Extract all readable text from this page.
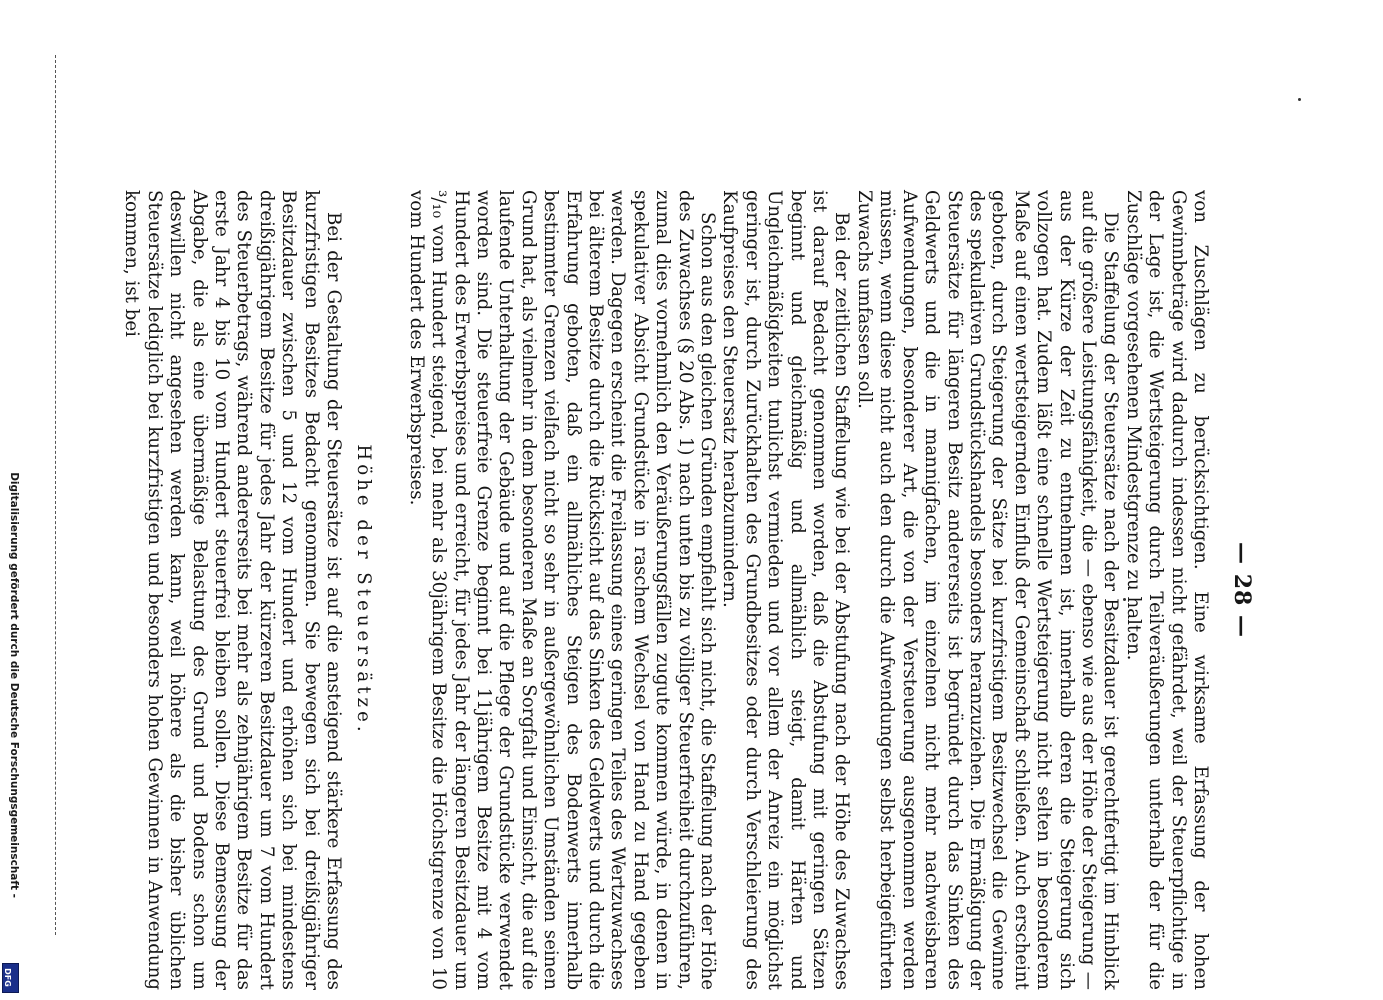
Digitalisierung gefördert durch die Deutsche Forschungsgemeinschaft -
DFG
— 28 —

von Zuschlägen zu berücksichtigen. Eine wirksame Erfassung der hohen Gewinnbeträge wird dadurch indessen nicht gefährdet, weil der Steuerpflichtige in der Lage ist, die Wertsteigerung durch Teilveräußerungen unterhalb der für die Zuschläge vorgesehenen Mindestgrenze zu halten.

Die Staffelung der Steuersätze nach der Besitzdauer ist gerechtfertigt im Hinblick auf die größere Leistungsfähigkeit, die — ebenso wie aus der Höhe der Steigerung — aus der Kürze der Zeit zu entnehmen ist, innerhalb deren die Steigerung sich vollzogen hat. Zudem läßt eine schnelle Wertsteigerung nicht selten in besonderem Maße auf einen wertsteigernden Einfluß der Gemeinschaft schließen. Auch erscheint geboten, durch Steigerung der Sätze bei kurzfristigem Besitzwechsel die Gewinne des spekulativen Grundstückshandels besonders heranzuziehen. Die Ermäßigung der Steuersätze für längeren Besitz andererseits ist begründet durch das Sinken des Geldwerts und die in mannigfachen, im einzelnen nicht mehr nachweisbaren Aufwendungen, besonderer Art, die von der Versteuerung ausgenommen werden müssen, wenn diese nicht auch den durch die Aufwendungen selbst herbeigeführten Zuwachs umfassen soll.

Bei der zeitlichen Staffelung wie bei der Abstufung nach der Höhe des Zuwachses ist darauf Bedacht genommen worden, daß die Abstufung mit geringen Sätzen beginnt und gleichmäßig und allmählich steigt, damit Härten und Ungleichmäßigkeiten tunlichst vermieden und vor allem der Anreiz ein möglichst geringer ist, durch Zurückhalten des Grundbesitzes oder durch Verschleierung des Kaufpreises den Steuersatz herabzumindern.

Schon aus den gleichen Gründen empfiehlt sich nicht, die Staffelung nach der Höhe des Zuwachses (§ 20 Abs. 1) nach unten bis zu völliger Steuerfreiheit durchzuführen, zumal dies vornehmlich den Veräußerungsfällen zugute kommen würde, in denen in spekulativer Absicht Grundstücke in raschem Wechsel von Hand zu Hand gegeben werden. Dagegen erscheint die Freilassung eines geringen Teiles des Wertzuwachses bei älterem Besitze durch die Rücksicht auf das Sinken des Geldwerts und durch die Erfahrung geboten, daß ein allmähliches Steigen des Bodenwerts innerhalb bestimmter Grenzen vielfach nicht so sehr in außergewöhnlichen Umständen seinen Grund hat, als vielmehr in dem besonderen Maße an Sorgfalt und Einsicht, die auf die laufende Unterhaltung der Gebäude und auf die Pflege der Grundstücke verwendet worden sind. Die steuerfreie Grenze beginnt bei 11jährigem Besitze mit 4 vom Hundert des Erwerbspreises und erreicht, für jedes Jahr der längeren Besitzdauer um ³/₁₀ vom Hundert steigend, bei mehr als 30jährigem Besitze die Höchstgrenze von 10 vom Hundert des Erwerbspreises.

Höhe der Steuersätze.

Bei der Gestaltung der Steuersätze ist auf die ansteigend stärkere Erfassung des kurzfristigen Besitzes Bedacht genommen. Sie bewegen sich bei dreißigjähriger Besitzdauer zwischen 5 und 12 vom Hundert und erhöhen sich bei mindestens dreißigjährigem Besitze für jedes Jahr der kürzeren Besitzdauer um 7 vom Hundert des Steuerbetrags, während andererseits bei mehr als zehnjährigem Besitze für das erste Jahr 4 bis 10 vom Hundert steuerfrei bleiben sollen. Diese Bemessung der Abgabe, die als eine übermäßige Belastung des Grund und Bodens schon um deswillen nicht angesehen werden kann, weil höhere als die bisher üblichen Steuersätze lediglich bei kurzfristigen und besonders hohen Gewinnen in Anwendung kommen, ist bei
